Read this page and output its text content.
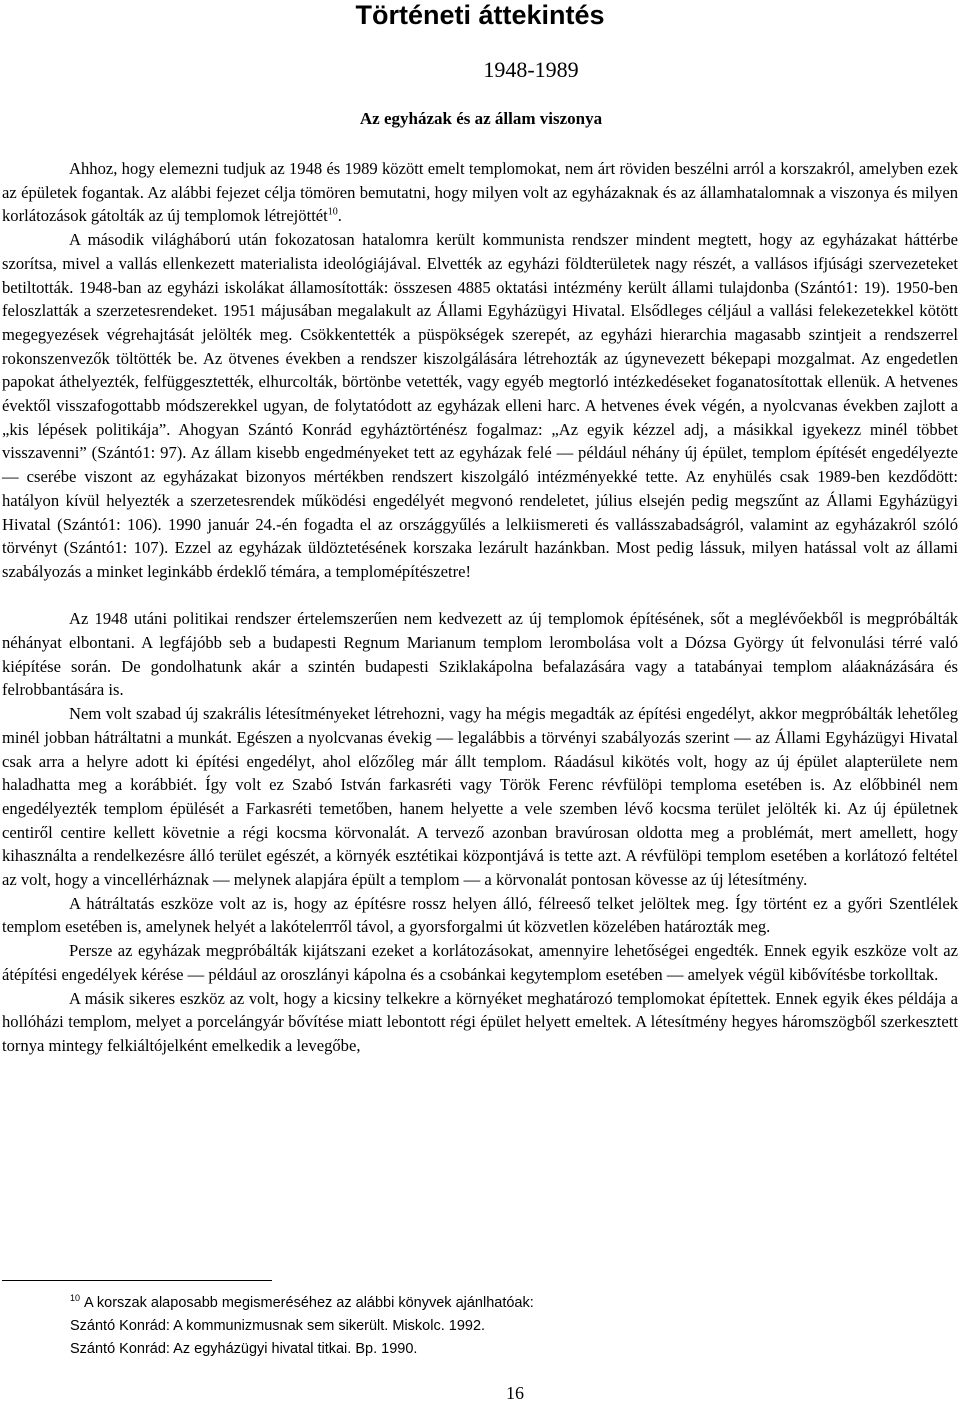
Történeti áttekintés
1948-1989
Az egyházak és az állam viszonya

Ahhoz, hogy elemezni tudjuk az 1948 és 1989 között emelt templomokat, nem árt röviden beszélni arról a korszakról, amelyben ezek az épületek fogantak. Az alábbi fejezet célja tömören bemutatni, hogy milyen volt az egyházaknak és az államhatalomnak a viszonya és milyen korlátozások gátolták az új templomok létrejöttét$^{10}$.

A második világháború után fokozatosan hatalomra került kommunista rendszer mindent megtett, hogy az egyházakat háttérbe szorítsa, mivel a vallás ellenkezett materialista ideológiájával. Elvették az egyházi földterületek nagy részét, a vallásos ifjúsági szervezeteket betiltották. 1948-ban az egyházi iskolákat államosították: összesen 4885 oktatási intézmény került állami tulajdonba (Szántó1: 19). 1950-ben feloszlatták a szerzetesrendeket. 1951 májusában megalakult az Állami Egyházügyi Hivatal. Elsődleges céljául a vallási felekezetekkel kötött megegyezések végrehajtását jelölték meg. Csökkentették a püspökségek szerepét, az egyházi hierarchia magasabb szintjeit a rendszerrel rokonszenvezők töltötték be. Az ötvenes években a rendszer kiszolgálására létrehozták az úgynevezett békepapi mozgalmat. Az engedetlen papokat áthelyezték, felfüggesztették, elhurcolták, börtönbe vetették, vagy egyéb megtorló intézkedéseket foganatosítottak ellenük. A hetvenes évektől visszafogottabb módszerekkel ugyan, de folytatódott az egyházak elleni harc. A hetvenes évek végén, a nyolcvanas években zajlott a „kis lépések politikája”. Ahogyan Szántó Konrád egyháztörténész fogalmaz: „Az egyik kézzel adj, a másikkal igyekezz minél többet visszavenni” (Szántó1: 97). Az állam kisebb engedményeket tett az egyházak felé — például néhány új épület, templom építését engedélyezte — cserébe viszont az egyházakat bizonyos mértékben rendszert kiszolgáló intézményekké tette. Az enyhülés csak 1989-ben kezdődött: hatályon kívül helyezték a szerzetesrendek működési engedélyét megvonó rendeletet, július elsején pedig megszűnt az Állami Egyházügyi Hivatal (Szántó1: 106). 1990 január 24.-én fogadta el az országgyűlés a lelkiismereti és vallásszabadságról, valamint az egyházakról szóló törvényt (Szántó1: 107). Ezzel az egyházak üldöztetésének korszaka lezárult hazánkban. Most pedig lássuk, milyen hatással volt az állami szabályozás a minket leginkább érdeklő témára, a templomépítészetre!

Az 1948 utáni politikai rendszer értelemszerűen nem kedvezett az új templomok építésének, sőt a meglévőekből is megpróbálták néhányat elbontani. A legfájóbb seb a budapesti Regnum Marianum templom lerombolása volt a Dózsa György út felvonulási térré való kiépítése során. De gondolhatunk akár a szintén budapesti Sziklakápolna befalazására vagy a tatabányai templom aláaknázására és felrobbantására is.

Nem volt szabad új szakrális létesítményeket létrehozni, vagy ha mégis megadták az építési engedélyt, akkor megpróbálták lehetőleg minél jobban hátráltatni a munkát. Egészen a nyolcvanas évekig — legalábbis a törvényi szabályozás szerint — az Állami Egyházügyi Hivatal csak arra a helyre adott ki építési engedélyt, ahol előzőleg már állt templom. Ráadásul kikötés volt, hogy az új épület alapterülete nem haladhatta meg a korábbiét. Így volt ez Szabó István farkasréti vagy Török Ferenc révfülöpi temploma esetében is. Az előbbinél nem engedélyezték templom épülését a Farkasréti temetőben, hanem helyette a vele szemben lévő kocsma terület jelölték ki. Az új épületnek centiről centire kellett követnie a régi kocsma körvonalát. A tervező azonban bravúrosan oldotta meg a problémát, mert amellett, hogy kihasználta a rendelkezésre álló terület egészét, a környék esztétikai központjává is tette azt. A révfülöpi templom esetében a korlátozó feltétel az volt, hogy a vincellérháznak — melynek alapjára épült a templom — a körvonalát pontosan kövesse az új létesítmény.

A hátráltatás eszköze volt az is, hogy az építésre rossz helyen álló, félreeső telket jelöltek meg. Így történt ez a győri Szentlélek templom esetében is, amelynek helyét a lakótelептől távol, a gyorsforgalmi út közvetlen közelében határozták meg.

Persze az egyházak megpróbálták kijátszani ezeket a korlátozásokat, amennyire lehetőségei engedték. Ennek egyik eszköze volt az átépítési engedélyek kérése — például az oroszlányi kápolna és a csobánkai kegytemplom esetében — amelyek végül kibővítésbe torkolltak.

A másik sikeres eszköz az volt, hogy a kicsiny telkekre a környéket meghatározó templomokat építettek. Ennek egyik ékes példája a hollóházi templom, melyet a porcelángyár bővítése miatt lebontott régi épület helyett emeltek. A létesítmény hegyes háromszögből szerkesztett tornya mintegy felkiáltójelként emelkedik a levegőbe,

$^{10}$ A korszak alaposabb megismeréséhez az alábbi könyvek ajánlhatóak:
Szántó Konrád: A kommunizmusnak sem sikerült. Miskolc. 1992.
Szántó Konrád: Az egyházügyi hivatal titkai. Bp. 1990.
16
